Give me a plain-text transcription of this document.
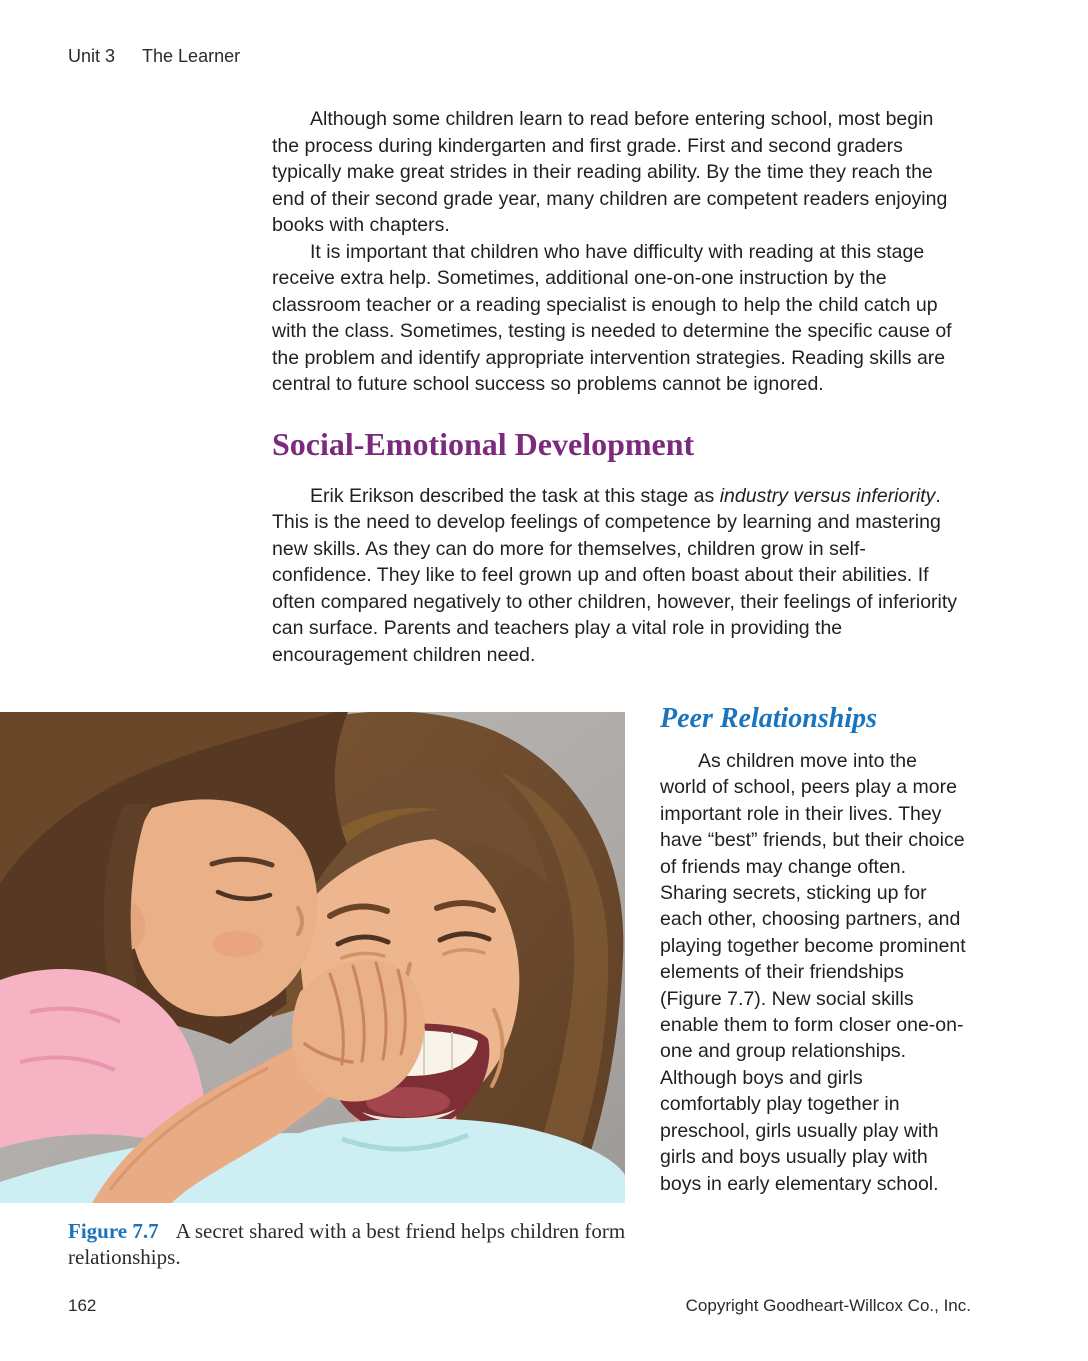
Unit 3 The Learner

Although some children learn to read before entering school, most begin the process during kindergarten and first grade. First and second graders typically make great strides in their reading ability. By the time they reach the end of their second grade year, many children are competent readers enjoying books with chapters.

It is important that children who have difficulty with reading at this stage receive extra help. Sometimes, additional one-on-one instruction by the classroom teacher or a reading specialist is enough to help the child catch up with the class. Sometimes, testing is needed to determine the specific cause of the problem and identify appropriate intervention strategies. Reading skills are central to future school success so problems cannot be ignored.

Social-Emotional Development

Erik Erikson described the task at this stage as industry versus inferiority. This is the need to develop feelings of competence by learning and mastering new skills. As they can do more for themselves, children grow in self-confidence. They like to feel grown up and often boast about their abilities. If often compared negatively to other children, however, their feelings of inferiority can surface. Parents and teachers play a vital role in providing the encouragement children need.

Peer Relationships

As children move into the world of school, peers play a more important role in their lives. They have “best” friends, but their choice of friends may change often. Sharing secrets, sticking up for each other, choosing partners, and playing together become prominent elements of their friendships (Figure 7.7). New social skills enable them to form closer one-on-one and group relationships. Although boys and girls comfortably play together in preschool, girls usually play with girls and boys usually play with boys in early elementary school.

Figure 7.7 A secret shared with a best friend helps children form relationships.
162	Copyright Goodheart-Willcox Co., Inc.
